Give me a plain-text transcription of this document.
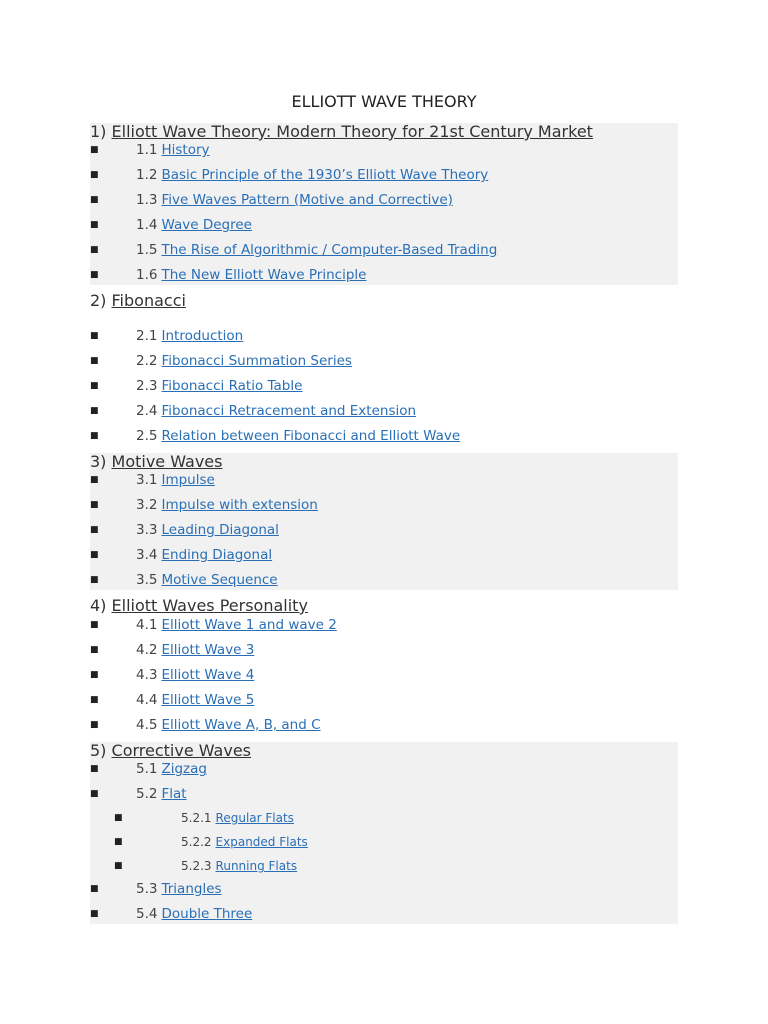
ELLIOTT WAVE THEORY
1) Elliott Wave Theory: Modern Theory for 21st Century Market
■	1.1 History
■	1.2 Basic Principle of the 1930’s Elliott Wave Theory
■	1.3 Five Waves Pattern (Motive and Corrective)
■	1.4 Wave Degree
■	1.5 The Rise of Algorithmic / Computer-Based Trading
■	1.6 The New Elliott Wave Principle
2) Fibonacci
■	2.1 Introduction
■	2.2 Fibonacci Summation Series
■	2.3 Fibonacci Ratio Table
■	2.4 Fibonacci Retracement and Extension
■	2.5 Relation between Fibonacci and Elliott Wave
3) Motive Waves
■	3.1 Impulse
■	3.2 Impulse with extension
■	3.3 Leading Diagonal
■	3.4 Ending Diagonal
■	3.5 Motive Sequence
4) Elliott Waves Personality
■	4.1 Elliott Wave 1 and wave 2
■	4.2 Elliott Wave 3
■	4.3 Elliott Wave 4
■	4.4 Elliott Wave 5
■	4.5 Elliott Wave A, B, and C
5) Corrective Waves
■	5.1 Zigzag
■	5.2 Flat
■	5.2.1 Regular Flats
■	5.2.2 Expanded Flats
■	5.2.3 Running Flats
■	5.3 Triangles
■	5.4 Double Three
